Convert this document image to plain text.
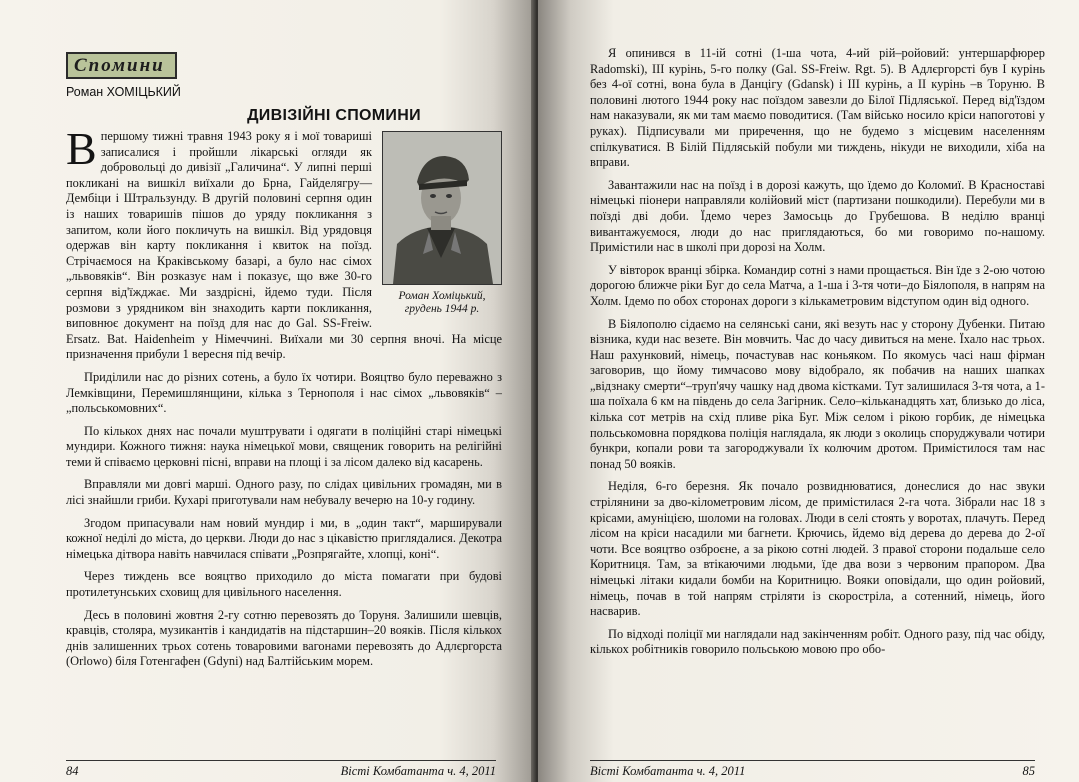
Спомини
Роман ХОМІЦЬКИЙ
ДИВІЗІЙНІ СПОМИНИ
Роман Хоміцький,
грудень 1944 р.

Впершому тижні травня 1943 року я і мої товариші записалися і пройшли лікарські огляди як добровольці до дивізії „Галичина“. У липні перші покликані на вишкіл виїхали до Брна, Гайделягру—Дембіци і Штральзунду. В другій половині серпня один із наших товаришів пішов до уряду покликання з запитом, коли його покличуть на вишкіл. Від урядовця одержав він карту покликання і квиток на поїзд. Стрічаємося на Краківському базарі, а було нас сімох „львовяків“. Він розказує нам і показує, що вже 30-го серпня від'їжджає. Ми заздрісні, йдемо туди. Після розмови з урядником він знаходить карти покликання, виповнює документ на поїзд для нас до Gal. SS-Freiw. Ersatz. Bat. Haidenheim у Німеччині. Виїхали ми 30 серпня вночі. На місце призначення прибули 1 вересня під вечір.

Приділили нас до різних сотень, а було їх чотири. Вояцтво було переважно з Лемківщини, Перемишлянщини, кілька з Тернополя і нас сімох „львовяків“ –„польськомовних“.

По кількох днях нас почали муштрувати і одягати в поліційні старі німецькі мундири. Кожного тижня: наука німецької мови, священик говорить на релігійні теми й співаємо церковні пісні, вправи на площі і за лісом далеко від касарень.

Вправляли ми довгі марші. Одного разу, по слідах цивільних громадян, ми в лісі знайшли гриби. Кухарі приготували нам небувалу вечерю на 10-у годину.

Згодом припасували нам новий мундир і ми, в „один такт“, марширували кожної неділі до міста, до церкви. Люди до нас з цікавістю приглядалися. Декотра німецька дітвора навіть навчилася співати „Розпрягайте, хлопці, коні“.

Через тиждень все вояцтво приходило до міста помагати при будові протилетунських сховищ для цивільного населення.

Десь в половині жовтня 2-гу сотню перевозять до Торуня. Залишили шевців, кравців, столяра, музикантів і кандидатів на підстаршин–20 вояків. Після кількох днів залишенних трьох сотень товаровими вагонами перевозять до Адлєргорста (Orlowo) біля Готенгафен (Gdyni) над Балтійським морем.

84	Вісті Комбатанта ч. 4, 2011

Я опинився в 11-ій сотні (1-ша чота, 4-ий рій–ройовий: унтершарфюрер Radomski), III курінь, 5-го полку (Gal. SS-Freiw. Rgt. 5). В Адлєргорсті був I курінь без 4-ої сотні, вона була в Данцігу (Gdansk) і III курінь, а II курінь –в Торуню. В половині лютого 1944 року нас поїздом завезли до Білої Підляської. Перед від'їздом нам наказували, як ми там маємо поводитися. (Там військо носило кріси напоготові у руках). Підписували ми приречення, що не будемо з місцевим населенням спілкуватися. В Білій Підляській побули ми тиждень, нікуди не виходили, хіба на вправи.

Завантажили нас на поїзд і в дорозі кажуть, що їдемо до Коломиї. В Красноставі німецькі піонери направляли колійовий міст (партизани пошкодили). Перебули ми в поїзді дві доби. Їдемо через Замосьць до Грубешова. В неділю вранці вивантажуємося, люди до нас приглядаються, бо ми говоримо по-нашому. Примістили нас в школі при дорозі на Холм.

У вівторок вранці збірка. Командир сотні з нами прощається. Він їде з 2-ою чотою дорогою ближче ріки Буг до села Матча, а 1-ша і 3-тя чоти–до Біялополя, в напрям на Холм. Ідемо по обох сторонах дороги з кількаметровим відступом один від одного.

В Біялополю сідаємо на селянські сани, які везуть нас у сторону Дубенки. Питаю візника, куди нас везете. Він мовчить. Час до часу дивиться на мене. Їхало нас трьох. Наш рахунковий, німець, почастував нас коньяком. По якомусь часі наш фірман заговорив, що йому тимчасово мову відобрало, як побачив на наших шапках „відзнаку смерти“–труп'ячу чашку над двома кістками. Тут залишилася 3-тя чота, а 1-ша поїхала 6 км на південь до села Загірник. Село–кільканадцять хат, близько до ліса, кілька сот метрів на схід пливе ріка Буг. Між селом і рікою горбик, де німецька польськомовна порядкова поліція наглядала, як люди з околиць споруджували чотири бункри, копали рови та загороджували їх колючим дротом. Примістилося там нас понад 50 вояків.

Неділя, 6-го березня. Як почало розвиднюватися, донеслися до нас звуки стрілянини за дво-кілометровим лісом, де примістилася 2-га чота. Зібрали нас 18 з крісами, амуніцією, шоломи на головах. Люди в селі стоять у воротах, плачуть. Перед лісом на кріси насадили ми багнети. Крючись, йдемо від дерева до дерева до 2-ої чоти. Все вояцтво озброєне, а за рікою сотні людей. З правої сторони подальше село Коритниця. Там, за втікаючими людьми, їде два вози з червоним прапором. Два німецькі літаки кидали бомби на Коритницю. Вояки оповідали, що один ройовий, німець, почав в той напрям стріляти із скорострілa, а сотенний, німець, його насварив.

По відході поліції ми наглядали над закінченням робіт. Одного разу, під час обіду, кількох робітників говорило польською мовою про обо-

Вісті Комбатанта ч. 4, 2011	85
